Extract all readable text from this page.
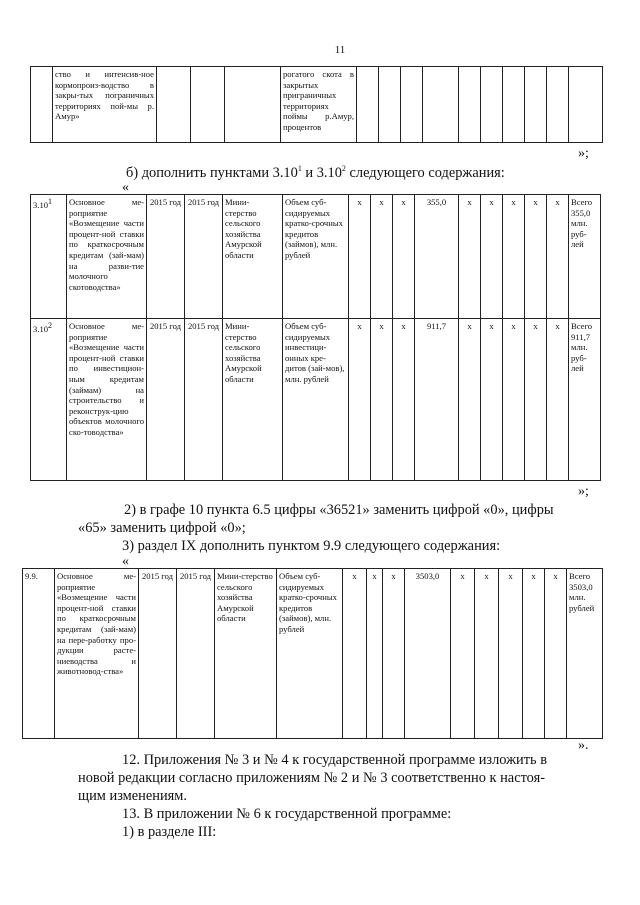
11
	ство и интенсив-ное кормопроиз-водство в закры-тых пограничных территориях пой-мы р. Амур»				рогатого скота в закрытых приграничных территориях поймы р.Амур, процентов										
»;
б) дополнить пунктами 3.10$^1$ и 3.10$^2$ следующего содержания:
«
3.10$^1$	Основное ме-роприятие «Возмещение части процент-ной ставки по краткосрочным кредитам (зай-мам) на разви-тие молочного скотоводства»	2015 год	2015 год	Мини-стерство сельского хозяйства Амурской области	Объем суб-сидируемых кратко-срочных кредитов (займов), млн. рублей	х	х	х	355,0	х	х	х	х	х	Всего 355,0 млн. руб-лей
3.10$^2$	Основное ме-роприятие «Возмещение части процент-ной ставки по инвестицион-ным кредитам (займам) на строительство и реконструк-цию объектов молочного ско-товодства»	2015 год	2015 год	Мини-стерство сельского хозяйства Амурской области	Объем суб-сидируемых инвестици-онных кре-дитов (зай-мов), млн. рублей	х	х	х	911,7	х	х	х	х	х	Всего 911,7 млн. руб-лей
»;
2) в графе 10 пункта 6.5 цифры «36521» заменить цифрой «0», цифры
«65» заменить цифрой «0»;
3) раздел IX дополнить пунктом 9.9 следующего содержания:
«
9.9.	Основное ме-роприятие «Возмещение части процент-ной ставки по краткосрочным кредитам (зай-мам) на пере-работку про-дукции расте-ниеводства и животновод-ства»	2015 год	2015 год	Мини-стерство сельского хозяйства Амурской области	Объем суб-сидируемых кратко-срочных кредитов (займов), млн. рублей	х	х	х	3503,0	х	х	х	х	х	Всего 3503,0 млн. рублей
».
12. Приложения № 3 и № 4 к государственной программе изложить в
новой редакции согласно приложениям № 2 и № 3 соответственно к настоя-
щим изменениям.
13. В приложении № 6 к государственной программе:
1) в разделе III:
